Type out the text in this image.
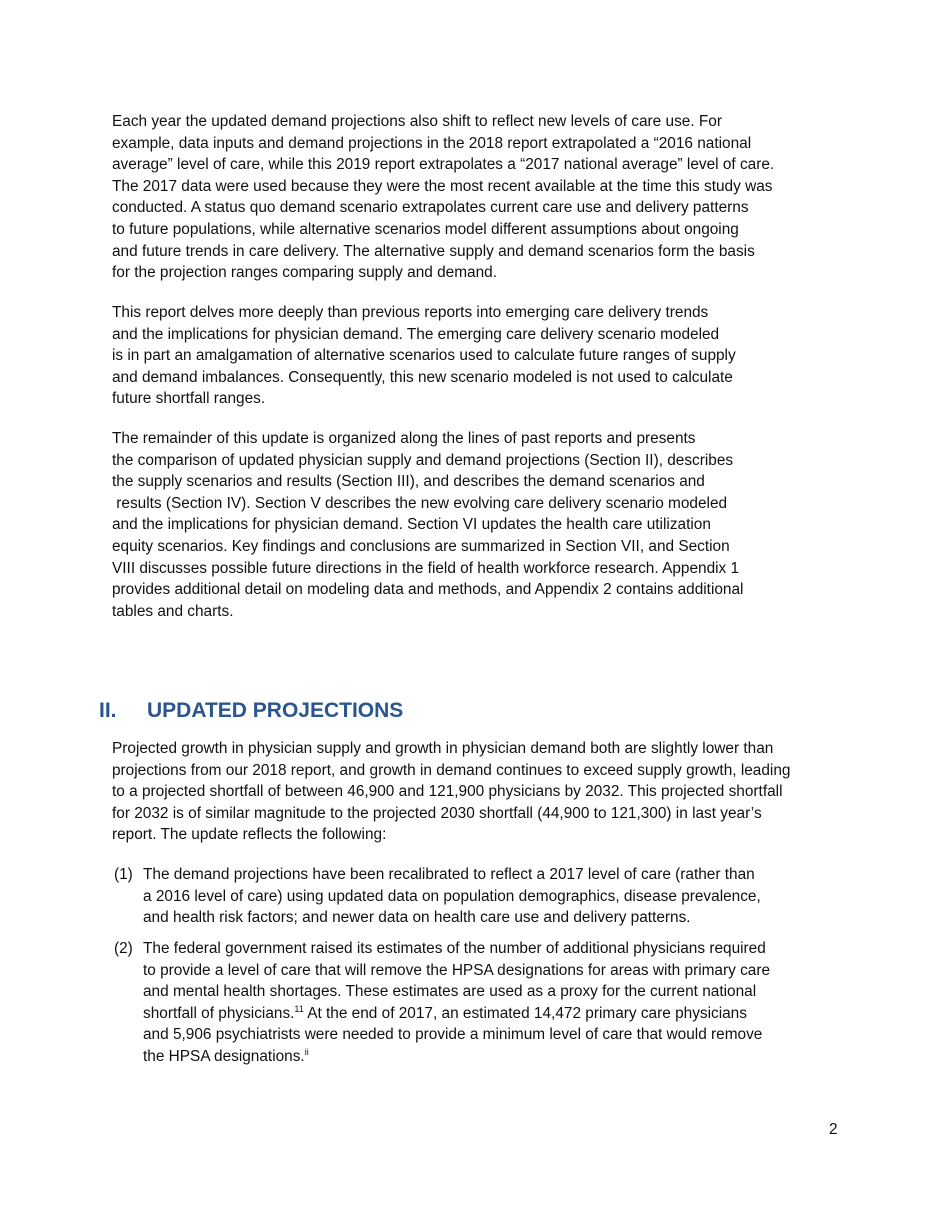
Each year the updated demand projections also shift to reflect new levels of care use. For
example, data inputs and demand projections in the 2018 report extrapolated a “2016 national
average” level of care, while this 2019 report extrapolates a “2017 national average” level of care.
The 2017 data were used because they were the most recent available at the time this study was
conducted. A status quo demand scenario extrapolates current care use and delivery patterns
to future populations, while alternative scenarios model different assumptions about ongoing
and future trends in care delivery. The alternative supply and demand scenarios form the basis
for the projection ranges comparing supply and demand.
This report delves more deeply than previous reports into emerging care delivery trends
and the implications for physician demand. The emerging care delivery scenario modeled
is in part an amalgamation of alternative scenarios used to calculate future ranges of supply
and demand imbalances. Consequently, this new scenario modeled is not used to calculate
future shortfall ranges.
The remainder of this update is organized along the lines of past reports and presents
the comparison of updated physician supply and demand projections (Section II), describes
the supply scenarios and results (Section III), and describes the demand scenarios and
results (Section IV). Section V describes the new evolving care delivery scenario modeled
and the implications for physician demand. Section VI updates the health care utilization
equity scenarios. Key findings and conclusions are summarized in Section VII, and Section
VIII discusses possible future directions in the field of health workforce research. Appendix 1
provides additional detail on modeling data and methods, and Appendix 2 contains additional
tables and charts.
II. UPDATED PROJECTIONS
Projected growth in physician supply and growth in physician demand both are slightly lower than
projections from our 2018 report, and growth in demand continues to exceed supply growth, leading
to a projected shortfall of between 46,900 and 121,900 physicians by 2032. This projected shortfall
for 2032 is of similar magnitude to the projected 2030 shortfall (44,900 to 121,300) in last year’s
report. The update reflects the following:
(1) The demand projections have been recalibrated to reflect a 2017 level of care (rather than
a 2016 level of care) using updated data on population demographics, disease prevalence,
and health risk factors; and newer data on health care use and delivery patterns.
(2) The federal government raised its estimates of the number of additional physicians required
to provide a level of care that will remove the HPSA designations for areas with primary care
and mental health shortages. These estimates are used as a proxy for the current national
shortfall of physicians.$^{11}$ At the end of 2017, an estimated 14,472 primary care physicians
and 5,906 psychiatrists were needed to provide a minimum level of care that would remove
the HPSA designations.$^{ii}$
2
